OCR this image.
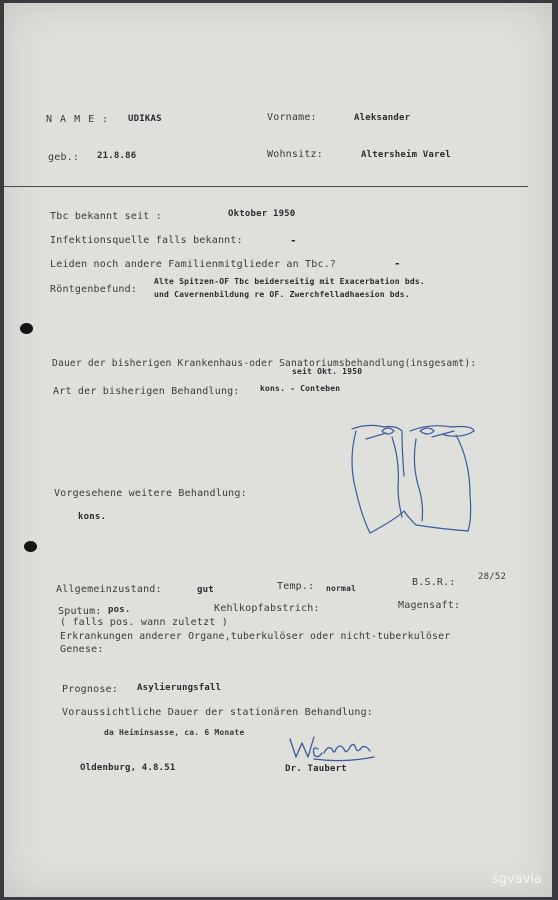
N A M E : UDIKAS	Vorname:	Aleksander
geb.: 21.8.86	Wohnsitz:	Altersheim Varel
Tbc bekannt seit :	Oktober 1950
Infektionsquelle falls bekannt:	-
Leiden noch andere Familienmitglieder an Tbc.?	-
Röntgenbefund:
Alte Spitzen-OF Tbc beiderseitig mit Exacerbation bds.
und Cavernenbildung re OF. Zwerchfelladhaesion bds.
Dauer der bisherigen Krankenhaus-oder Sanatoriumsbehandlung(insgesamt):
seit Okt. 1950
Art der bisherigen Behandlung:	kons. - Conteben
Vorgesehene weitere Behandlung:
kons.
Allgemeinzustand:	gut	Temp.: normal
B.S.R.: 28/52
Sputum: pos.	Kehlkopfabstrich:	Magensaft:
( falls pos. wann zuletzt )
Erkrankungen anderer Organe,tuberkulöser oder nicht-tuberkulöser
Genese:
Prognose: Asylierungsfall
Voraussichtliche Dauer der stationären Behandlung:
da Heiminsasse, ca. 6 Monate
Oldenburg, 4.8.51	Dr. Taubert
sgvavia
